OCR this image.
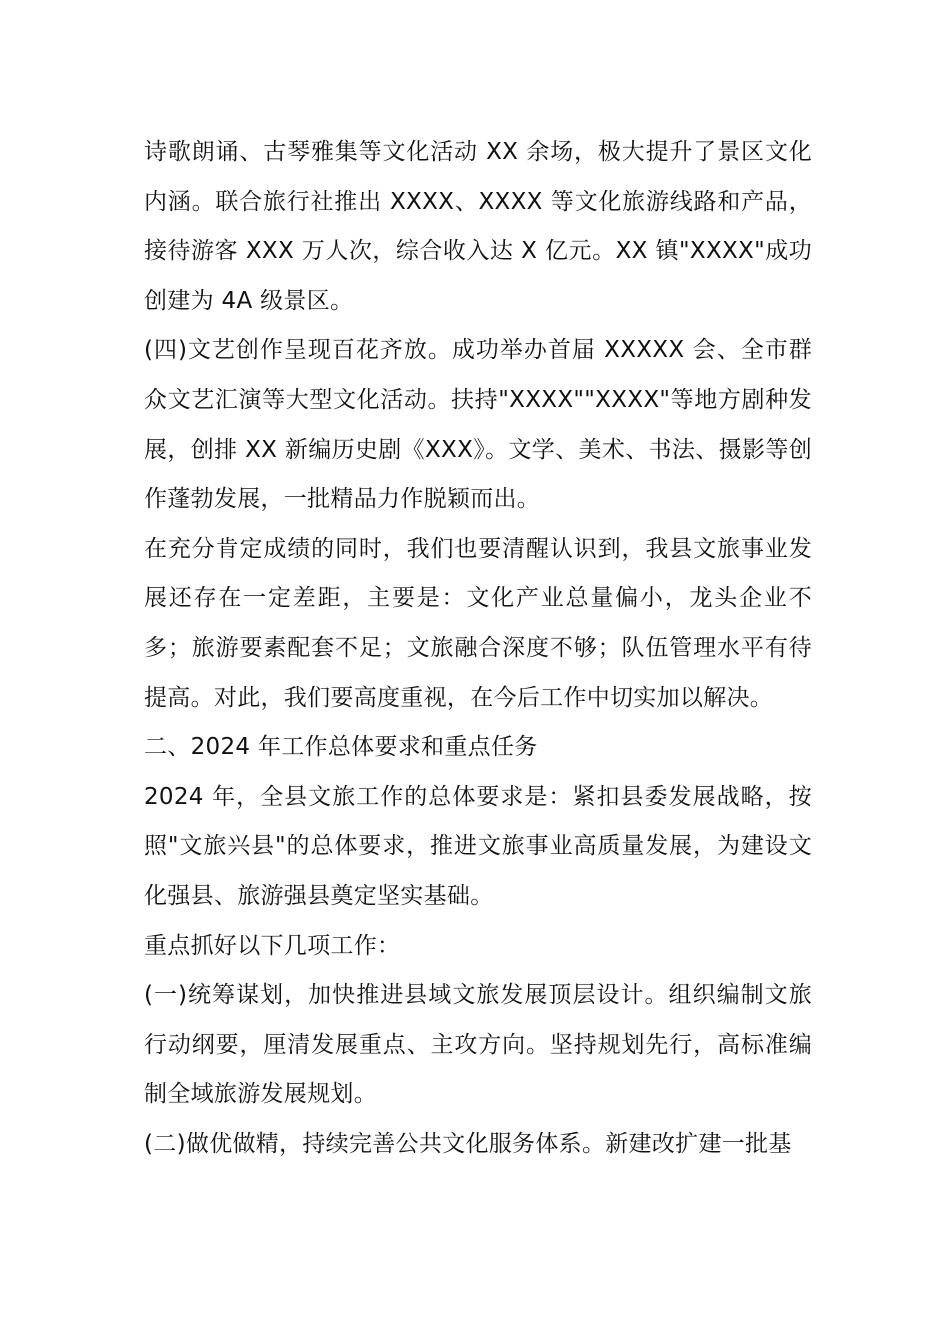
诗歌朗诵、古琴雅集等文化活动 XX 余场，极大提升了景区文化内涵。联合旅行社推出 XXXX、XXXX 等文化旅游线路和产品，接待游客 XXX 万人次，综合收入达 X 亿元。XX 镇"XXXX"成功创建为 4A 级景区。

(四)文艺创作呈现百花齐放。成功举办首届 XXXXX 会、全市群众文艺汇演等大型文化活动。扶持"XXXX""XXXX"等地方剧种发展，创排 XX 新编历史剧《XXX》。文学、美术、书法、摄影等创作蓬勃发展，一批精品力作脱颖而出。

在充分肯定成绩的同时，我们也要清醒认识到，我县文旅事业发展还存在一定差距，主要是：文化产业总量偏小，龙头企业不多；旅游要素配套不足；文旅融合深度不够；队伍管理水平有待提高。对此，我们要高度重视，在今后工作中切实加以解决。

二、2024 年工作总体要求和重点任务

2024 年，全县文旅工作的总体要求是：紧扣县委发展战略，按照"文旅兴县"的总体要求，推进文旅事业高质量发展，为建设文化强县、旅游强县奠定坚实基础。

重点抓好以下几项工作：

(一)统筹谋划，加快推进县域文旅发展顶层设计。组织编制文旅行动纲要，厘清发展重点、主攻方向。坚持规划先行，高标准编制全域旅游发展规划。

(二)做优做精，持续完善公共文化服务体系。新建改扩建一批基
